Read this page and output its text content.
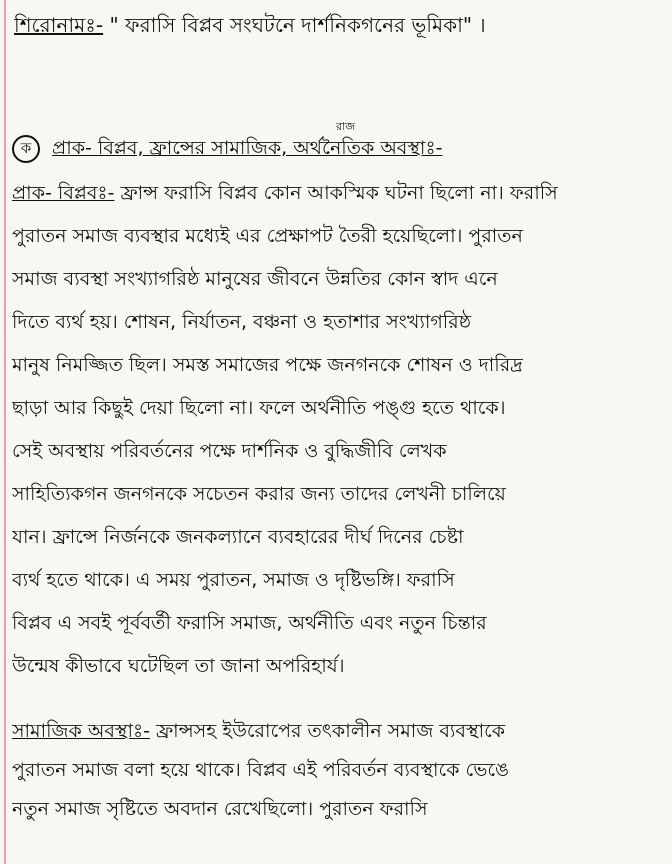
শিরোনামঃ- " ফরাসি বিপ্লব সংঘটনে দার্শনিকগনের ভূমিকা" ।
রাজ
ক প্রাক- বিপ্লব, ফ্রান্সের সামাজিক, অর্থনৈতিক অবস্থাঃ-
প্রাক- বিপ্লবঃ- ফ্রান্স ফরাসি বিপ্লব কোন আকস্মিক ঘটনা ছিলো না। ফরাসি
পুরাতন সমাজ ব্যবস্থার মধ্যেই এর প্রেক্ষাপট তৈরী হয়েছিলো। পুরাতন
সমাজ ব্যবস্থা সংখ্যাগরিষ্ঠ মানুষের জীবনে উন্নতির কোন স্বাদ এনে
দিতে ব্যর্থ হয়। শোষন, নির্যাতন, বঞ্চনা ও হতাশার সংখ্যাগরিষ্ঠ
মানুষ নিমজ্জিত ছিল। সমস্ত সমাজের পক্ষে জনগনকে শোষন ও দারিদ্র
ছাড়া আর কিছুই দেয়া ছিলো না। ফলে অর্থনীতি পঙ্গু হতে থাকে।
সেই অবস্থায় পরিবর্তনের পক্ষে দার্শনিক ও বুদ্ধিজীবি লেখক
সাহিত্যিকগন জনগনকে সচেতন করার জন্য তাদের লেখনী চালিয়ে
যান। ফ্রান্সে নির্জনকে জনকল্যানে ব্যবহারের দীর্ঘ দিনের চেষ্টা
ব্যর্থ হতে থাকে। এ সময় পুরাতন, সমাজ ও দৃষ্টিভঙ্গি। ফরাসি
বিপ্লব এ সবই পূর্ববর্তী ফরাসি সমাজ, অর্থনীতি এবং নতুন চিন্তার
উন্মেষ কীভাবে ঘটেছিল তা জানা অপরিহার্য।
সামাজিক অবস্থাঃ- ফ্রান্সসহ ইউরোপের তৎকালীন সমাজ ব্যবস্থাকে
পুরাতন সমাজ বলা হয়ে থাকে। বিপ্লব এই পরিবর্তন ব্যবস্থাকে ভেঙে
নতুন সমাজ সৃষ্টিতে অবদান রেখেছিলো। পুরাতন ফরাসি
